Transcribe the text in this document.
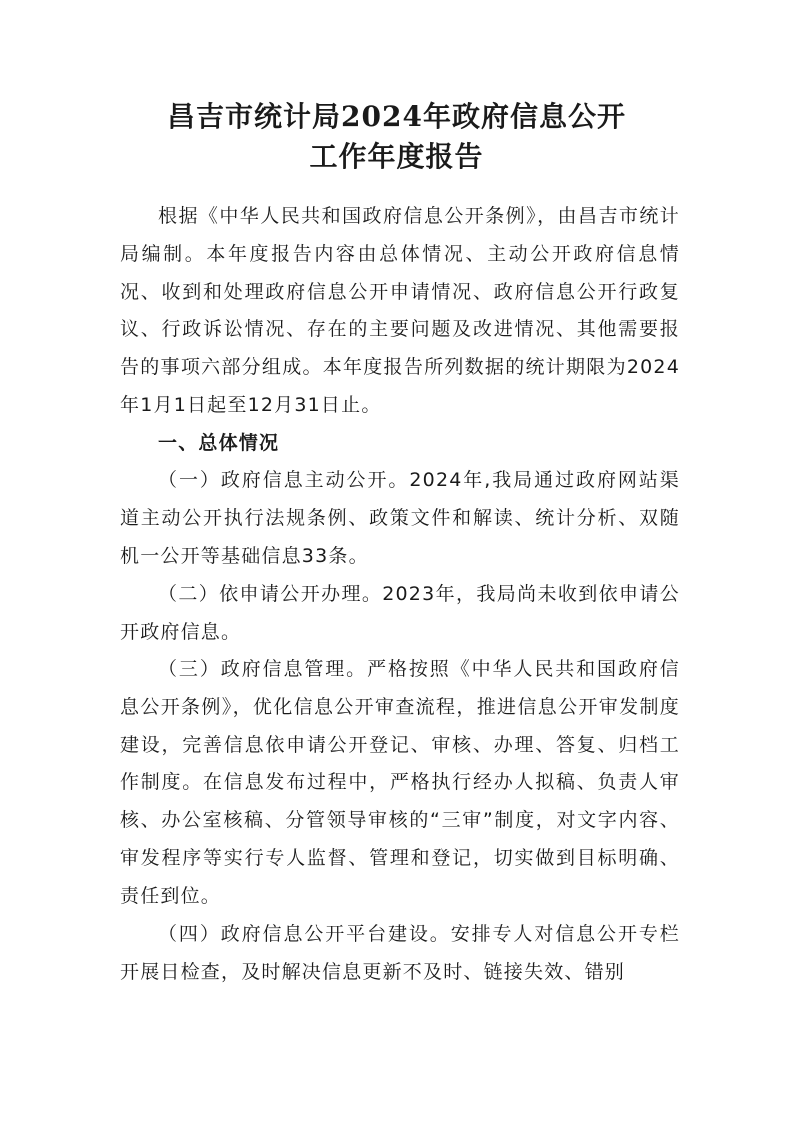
昌吉市统计局2024年政府信息公开
工作年度报告

根据《中华人民共和国政府信息公开条例》，由昌吉市统计局编制。本年度报告内容由总体情况、主动公开政府信息情况、收到和处理政府信息公开申请情况、政府信息公开行政复议、行政诉讼情况、存在的主要问题及改进情况、其他需要报告的事项六部分组成。本年度报告所列数据的统计期限为2024年1月1日起至12月31日止。

一、总体情况

（一）政府信息主动公开。2024年,我局通过政府网站渠道主动公开执行法规条例、政策文件和解读、统计分析、双随机一公开等基础信息33条。

（二）依申请公开办理。2023年，我局尚未收到依申请公开政府信息。

（三）政府信息管理。严格按照《中华人民共和国政府信息公开条例》，优化信息公开审查流程，推进信息公开审发制度建设，完善信息依申请公开登记、审核、办理、答复、归档工作制度。在信息发布过程中，严格执行经办人拟稿、负责人审核、办公室核稿、分管领导审核的“三审”制度，对文字内容、审发程序等实行专人监督、管理和登记，切实做到目标明确、责任到位。

（四）政府信息公开平台建设。安排专人对信息公开专栏开展日检查，及时解决信息更新不及时、链接失效、错别
